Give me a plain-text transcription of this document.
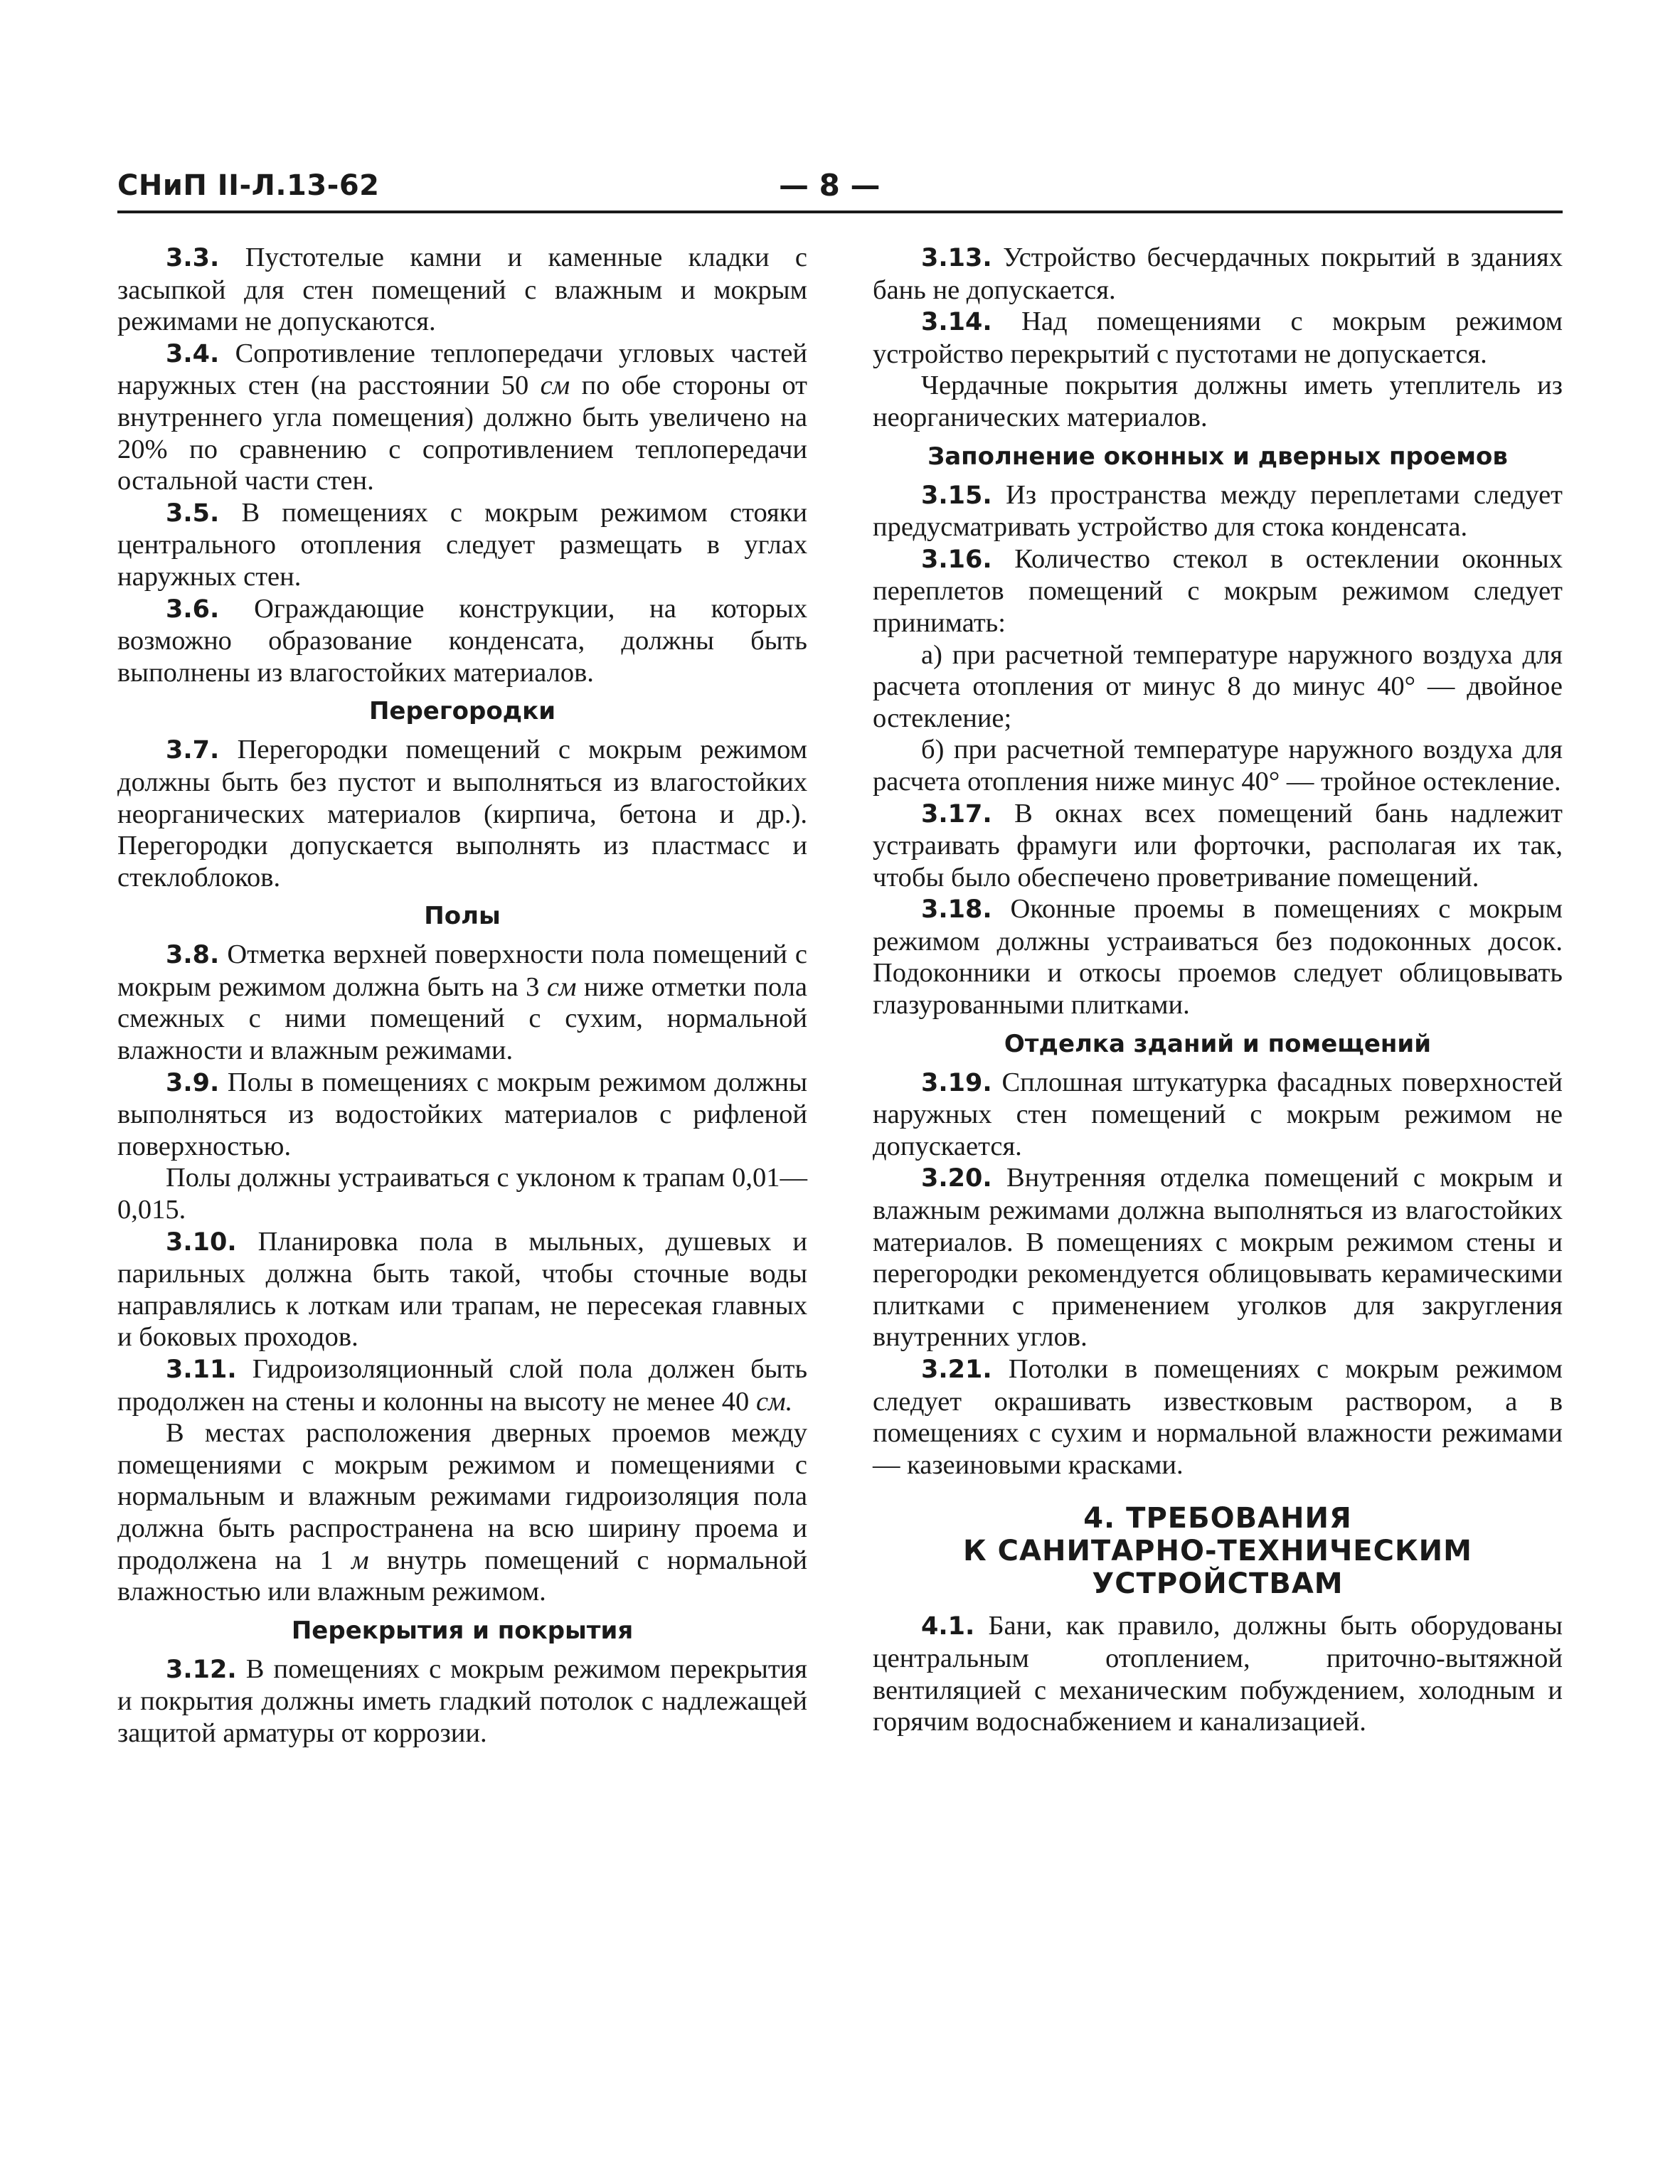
СНиП II-Л.13-62	— 8 —

3.3. Пустотелые камни и каменные кладки с засыпкой для стен помещений с влажным и мокрым режимами не допускаются.

3.4. Сопротивление теплопередачи угловых частей наружных стен (на расстоянии 50 см по обе стороны от внутреннего угла помещения) должно быть увеличено на 20% по сравнению с сопротивлением теплопередачи остальной части стен.

3.5. В помещениях с мокрым режимом стояки центрального отопления следует размещать в углах наружных стен.

3.6. Ограждающие конструкции, на которых возможно образование конденсата, должны быть выполнены из влагостойких материалов.

Перегородки

3.7. Перегородки помещений с мокрым режимом должны быть без пустот и выполняться из влагостойких неорганических материалов (кирпича, бетона и др.). Перегородки допускается выполнять из пластмасс и стеклоблоков.

Полы

3.8. Отметка верхней поверхности пола помещений с мокрым режимом должна быть на 3 см ниже отметки пола смежных с ними помещений с сухим, нормальной влажности и влажным режимами.

3.9. Полы в помещениях с мокрым режимом должны выполняться из водостойких материалов с рифленой поверхностью.

Полы должны устраиваться с уклоном к трапам 0,01—0,015.

3.10. Планировка пола в мыльных, душевых и парильных должна быть такой, чтобы сточные воды направлялись к лоткам или трапам, не пересекая главных и боковых проходов.

3.11. Гидроизоляционный слой пола должен быть продолжен на стены и колонны на высоту не менее 40 см.

В местах расположения дверных проемов между помещениями с мокрым режимом и помещениями с нормальным и влажным режимами гидроизоляция пола должна быть распространена на всю ширину проема и продолжена на 1 м внутрь помещений с нормальной влажностью или влажным режимом.

Перекрытия и покрытия

3.12. В помещениях с мокрым режимом перекрытия и покрытия должны иметь гладкий потолок с надлежащей защитой арматуры от коррозии.

3.13. Устройство бесчердачных покрытий в зданиях бань не допускается.

3.14. Над помещениями с мокрым режимом устройство перекрытий с пустотами не допускается.

Чердачные покрытия должны иметь утеплитель из неорганических материалов.

Заполнение оконных и дверных проемов

3.15. Из пространства между переплетами следует предусматривать устройство для стока конденсата.

3.16. Количество стекол в остеклении оконных переплетов помещений с мокрым режимом следует принимать:

а) при расчетной температуре наружного воздуха для расчета отопления от минус 8 до минус 40° — двойное остекление;

б) при расчетной температуре наружного воздуха для расчета отопления ниже минус 40° — тройное остекление.

3.17. В окнах всех помещений бань надлежит устраивать фрамуги или форточки, располагая их так, чтобы было обеспечено проветривание помещений.

3.18. Оконные проемы в помещениях с мокрым режимом должны устраиваться без подоконных досок. Подоконники и откосы проемов следует облицовывать глазурованными плитками.

Отделка зданий и помещений

3.19. Сплошная штукатурка фасадных поверхностей наружных стен помещений с мокрым режимом не допускается.

3.20. Внутренняя отделка помещений с мокрым и влажным режимами должна выполняться из влагостойких материалов. В помещениях с мокрым режимом стены и перегородки рекомендуется облицовывать керамическими плитками с применением уголков для закругления внутренних углов.

3.21. Потолки в помещениях с мокрым режимом следует окрашивать известковым раствором, а в помещениях с сухим и нормальной влажности режимами — казеиновыми красками.

4. ТРЕБОВАНИЯ
К САНИТАРНО-ТЕХНИЧЕСКИМ
УСТРОЙСТВАМ

4.1. Бани, как правило, должны быть оборудованы центральным отоплением, приточно-вытяжной вентиляцией с механическим побуждением, холодным и горячим водоснабжением и канализацией.
